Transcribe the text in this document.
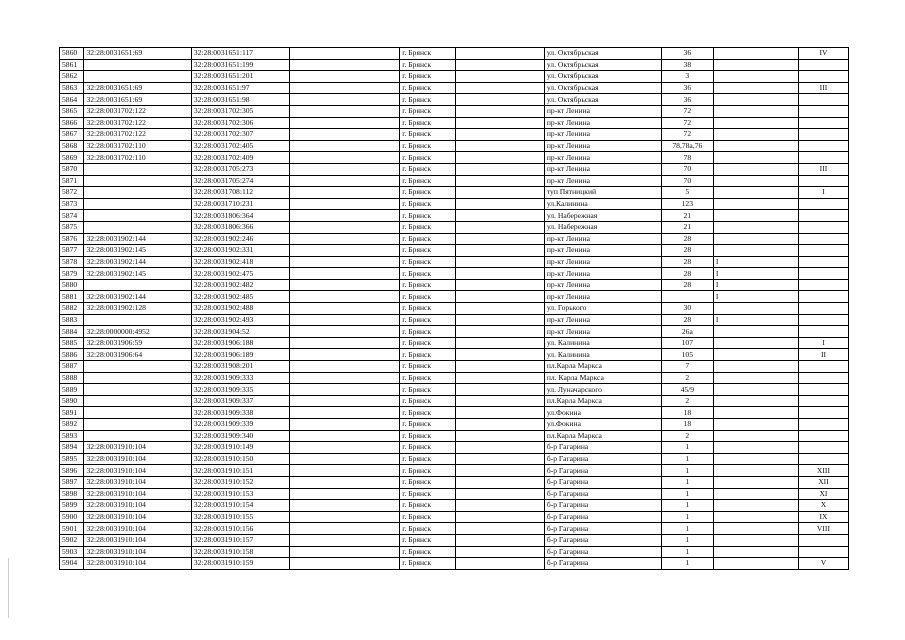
5860	32:28:0031651:69	32:28:0031651:117		г. Брянск		ул. Октябрьская	36		IV
5861		32:28:0031651:199		г. Брянск		ул. Октябрьская	38		
5862		32:28:0031651:201		г. Брянск		ул. Октябрьская	3		
5863	32:28:0031651:69	32:28:0031651:97		г. Брянск		ул. Октябрьская	36		III
5864	32:28:0031651:69	32:28:0031651:98		г. Брянск		ул. Октябрьская	36		
5865	32:28:0031702:122	32:28:0031702:305		г. Брянск		пр-кт Ленина	72		
5866	32:28:0031702:122	32:28:0031702:306		г. Брянск		пр-кт Ленина	72		
5867	32:28:0031702:122	32:28:0031702:307		г. Брянск		пр-кт Ленина	72		
5868	32:28:0031702:110	32:28:0031702:405		г. Брянск		пр-кт Ленина	78,78а,76		
5869	32:28:0031702:110	32:28:0031702:409		г. Брянск		пр-кт Ленина	78		
5870		32:28:0031705:273		г. Брянск		пр-кт Ленина	70		III
5871		32:28:0031705:274		г. Брянск		пр-кт Ленина	70		
5872		32:28:0031708:112		г. Брянск		туп Пятницкий	5		I
5873		32:28:0031710:231		г. Брянск		ул.Калинина	123		
5874		32:28:0031806:364		г. Брянск		ул. Набережная	21		
5875		32:28:0031806:366		г. Брянск		ул. Набережная	21		
5876	32:28:0031902:144	32:28:0031902:246		г. Брянск		пр-кт Ленина	28		
5877	32:28:0031902:145	32:28:0031902:331		г. Брянск		пр-кт Ленина	28		
5878	32:28:0031902:144	32:28:0031902:418		г. Брянск		пр-кт Ленина	28	I	
5879	32:28:0031902:145	32:28:0031902:475		г. Брянск		пр-кт Ленина	28	I	
5880		32:28:0031902:482		г. Брянск		пр-кт Ленина	28	I	
5881	32:28:0031902:144	32:28:0031902:485		г. Брянск		пр-кт Ленина		I	
5882	32:28:0031902:128	32:28:0031902:488		г. Брянск		ул. Горького	30		
5883		32:28:0031902:493		г. Брянск		пр-кт Ленина	28	I	
5884	32:28:0000000:4952	32:28:0031904:52		г. Брянск		пр-кт Ленина	26а		
5885	32:28:0031906:59	32:28:0031906:188		г. Брянск		ул. Калинина	107		I
5886	32:28:0031906:64	32:28:0031906:189		г. Брянск		ул. Калинина	105		II
5887		32:28:0031908:201		г. Брянск		пл.Карла Маркса	7		
5888		32:28:0031909:333		г. Брянск		пл. Карла Маркса	2		
5889		32:28:0031909:335		г. Брянск		ул. Луначарского	45/9		
5890		32:28:0031909:337		г. Брянск		пл.Карла Маркса	2		
5891		32:28:0031909:338		г. Брянск		ул.Фокина	18		
5892		32:28:0031909:339		г. Брянск		ул.Фокина	18		
5893		32:28:0031909:340		г. Брянск		пл.Карла Маркса	2		
5894	32:28:0031910:104	32:28:0031910:149		г. Брянск		б-р Гагарина	1		
5895	32:28:0031910:104	32:28:0031910:150		г. Брянск		б-р Гагарина	1		
5896	32:28:0031910:104	32:28:0031910:151		г. Брянск		б-р Гагарина	1		XIII
5897	32:28:0031910:104	32:28:0031910:152		г. Брянск		б-р Гагарина	1		XII
5898	32:28:0031910:104	32:28:0031910:153		г. Брянск		б-р Гагарина	1		XI
5899	32:28:0031910:104	32:28:0031910:154		г. Брянск		б-р Гагарина	1		X
5900	32:28:0031910:104	32:28:0031910:155		г. Брянск		б-р Гагарина	1		IX
5901	32:28:0031910:104	32:28:0031910:156		г. Брянск		б-р Гагарина	1		VIII
5902	32:28:0031910:104	32:28:0031910:157		г. Брянск		б-р Гагарина	1		
5903	32:28:0031910:104	32:28:0031910:158		г. Брянск		б-р Гагарина	1		
5904	32:28:0031910:104	32:28:0031910:159		г. Брянск		б-р Гагарина	1		V
